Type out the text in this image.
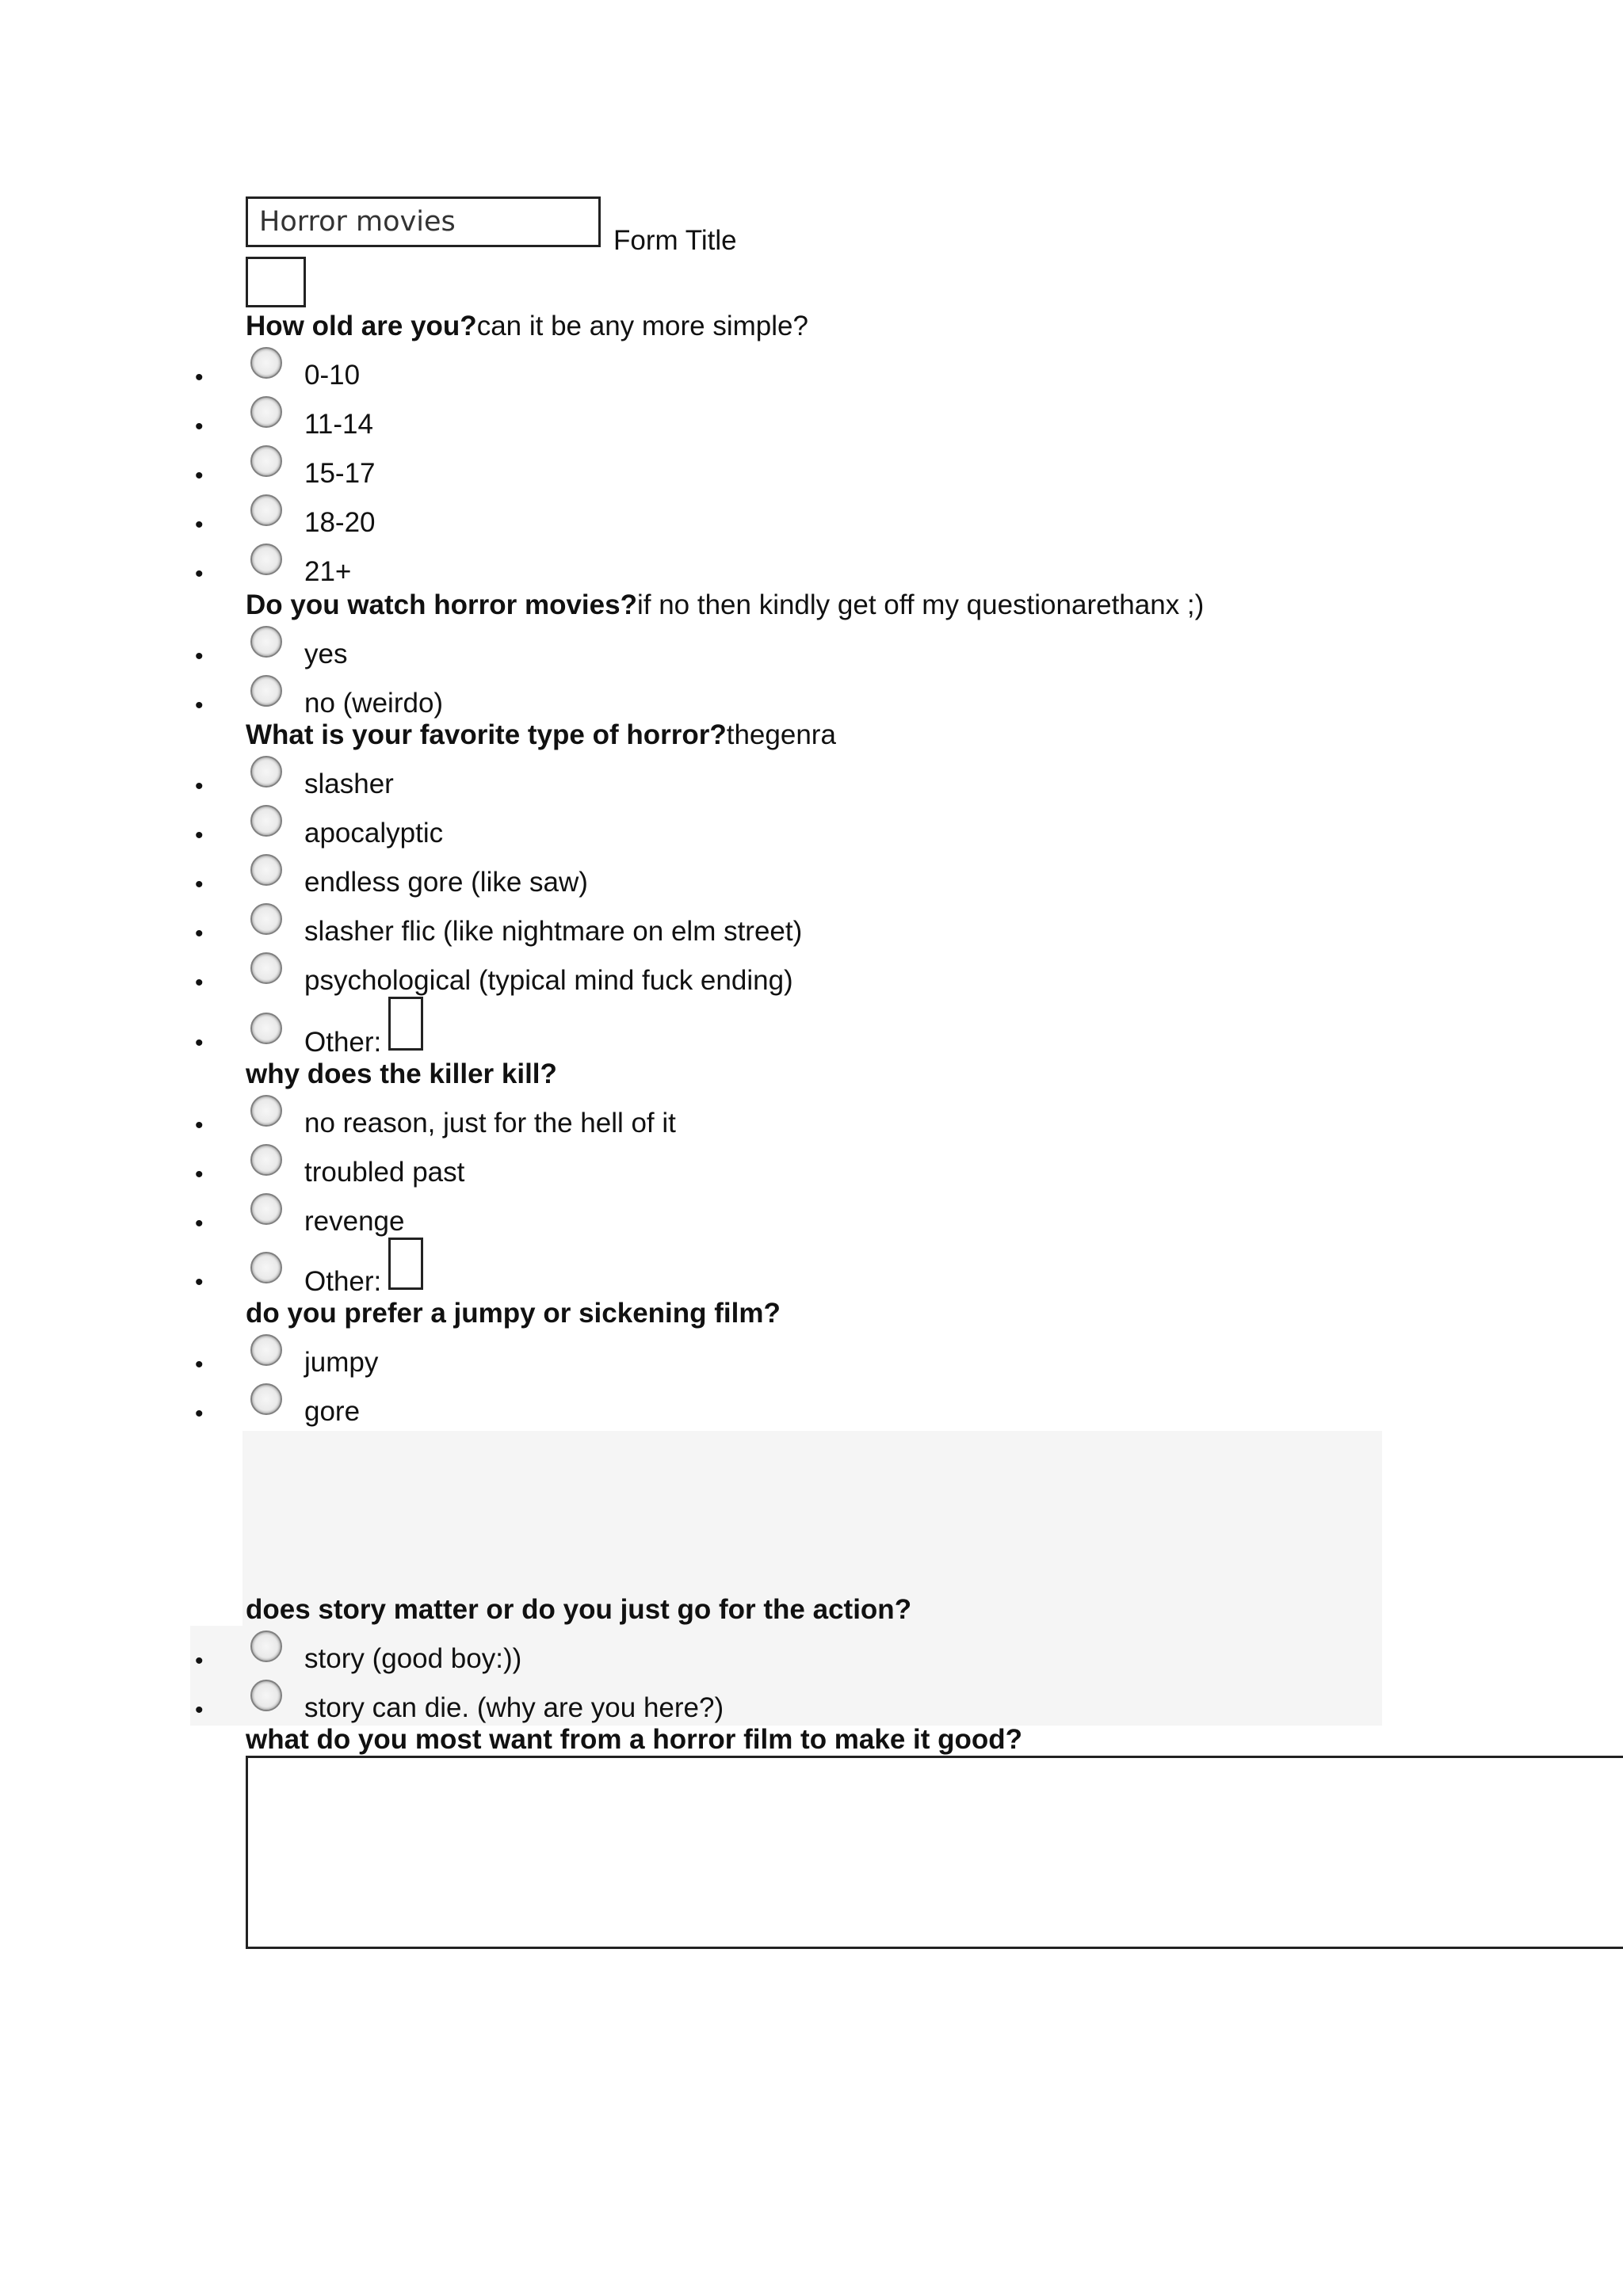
Horror movies
Form Title
How old are you?can it be any more simple?
•	0-10
•	11-14
•	15-17
•	18-20
•	21+
Do you watch horror movies?if no then kindly get off my questionarethanx ;)
•	yes
•	no (weirdo)
What is your favorite type of horror?thegenra
•	slasher
•	apocalyptic
•	endless gore (like saw)
•	slasher flic (like nightmare on elm street)
•	psychological (typical mind fuck ending)
•	Other:
why does the killer kill?
•	no reason, just for the hell of it
•	troubled past
•	revenge
•	Other:
do you prefer a jumpy or sickening film?
•	jumpy
•	gore
does story matter or do you just go for the action?
•	story (good boy:))
•	story can die. (why are you here?)
what do you most want from a horror film to make it good?
